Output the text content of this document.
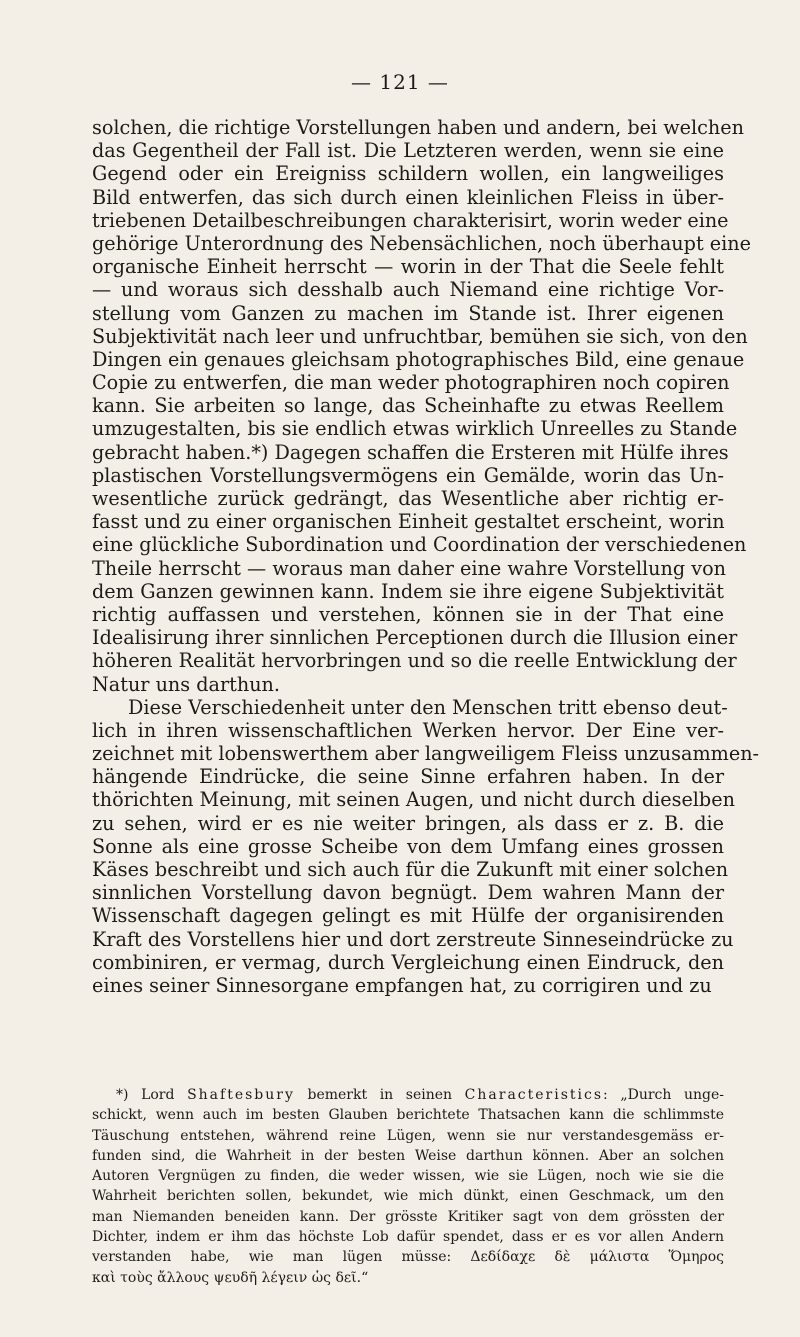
— 121 —
solchen, die richtige Vorstellungen haben und andern, bei welchen
das Gegentheil der Fall ist. Die Letzteren werden, wenn sie eine
Gegend oder ein Ereigniss schildern wollen, ein langweiliges
Bild entwerfen, das sich durch einen kleinlichen Fleiss in über-
triebenen Detailbeschreibungen charakterisirt, worin weder eine
gehörige Unterordnung des Nebensächlichen, noch überhaupt eine
organische Einheit herrscht — worin in der That die Seele fehlt
— und woraus sich desshalb auch Niemand eine richtige Vor-
stellung vom Ganzen zu machen im Stande ist. Ihrer eigenen
Subjektivität nach leer und unfruchtbar, bemühen sie sich, von den
Dingen ein genaues gleichsam photographisches Bild, eine genaue
Copie zu entwerfen, die man weder photographiren noch copiren
kann. Sie arbeiten so lange, das Scheinhafte zu etwas Reellem
umzugestalten, bis sie endlich etwas wirklich Unreelles zu Stande
gebracht haben.*) Dagegen schaffen die Ersteren mit Hülfe ihres
plastischen Vorstellungsvermögens ein Gemälde, worin das Un-
wesentliche zurück gedrängt, das Wesentliche aber richtig er-
fasst und zu einer organischen Einheit gestaltet erscheint, worin
eine glückliche Subordination und Coordination der verschiedenen
Theile herrscht — woraus man daher eine wahre Vorstellung von
dem Ganzen gewinnen kann. Indem sie ihre eigene Subjektivität
richtig auffassen und verstehen, können sie in der That eine
Idealisirung ihrer sinnlichen Perceptionen durch die Illusion einer
höheren Realität hervorbringen und so die reelle Entwicklung der
Natur uns darthun.
Diese Verschiedenheit unter den Menschen tritt ebenso deut-
lich in ihren wissenschaftlichen Werken hervor. Der Eine ver-
zeichnet mit lobenswerthem aber langweiligem Fleiss unzusammen-
hängende Eindrücke, die seine Sinne erfahren haben. In der
thörichten Meinung, mit seinen Augen, und nicht durch dieselben
zu sehen, wird er es nie weiter bringen, als dass er z. B. die
Sonne als eine grosse Scheibe von dem Umfang eines grossen
Käses beschreibt und sich auch für die Zukunft mit einer solchen
sinnlichen Vorstellung davon begnügt. Dem wahren Mann der
Wissenschaft dagegen gelingt es mit Hülfe der organisirenden
Kraft des Vorstellens hier und dort zerstreute Sinneseindrücke zu
combiniren, er vermag, durch Vergleichung einen Eindruck, den
eines seiner Sinnesorgane empfangen hat, zu corrigiren und zu
*) Lord Shaftesbury bemerkt in seinen Characteristics: „Durch unge-
schickt, wenn auch im besten Glauben berichtete Thatsachen kann die schlimmste
Täuschung entstehen, während reine Lügen, wenn sie nur verstandesgemäss er-
funden sind, die Wahrheit in der besten Weise darthun können. Aber an solchen
Autoren Vergnügen zu finden, die weder wissen, wie sie Lügen, noch wie sie die
Wahrheit berichten sollen, bekundet, wie mich dünkt, einen Geschmack, um den
man Niemanden beneiden kann. Der grösste Kritiker sagt von dem grössten der
Dichter, indem er ihm das höchste Lob dafür spendet, dass er es vor allen Andern
verstanden habe, wie man lügen müsse: Δεδίδαχε δὲ μάλιστα Ὅμηρος
καὶ τοὺς ἄλλους ψευδῆ λέγειν ὡς δεῖ.“
